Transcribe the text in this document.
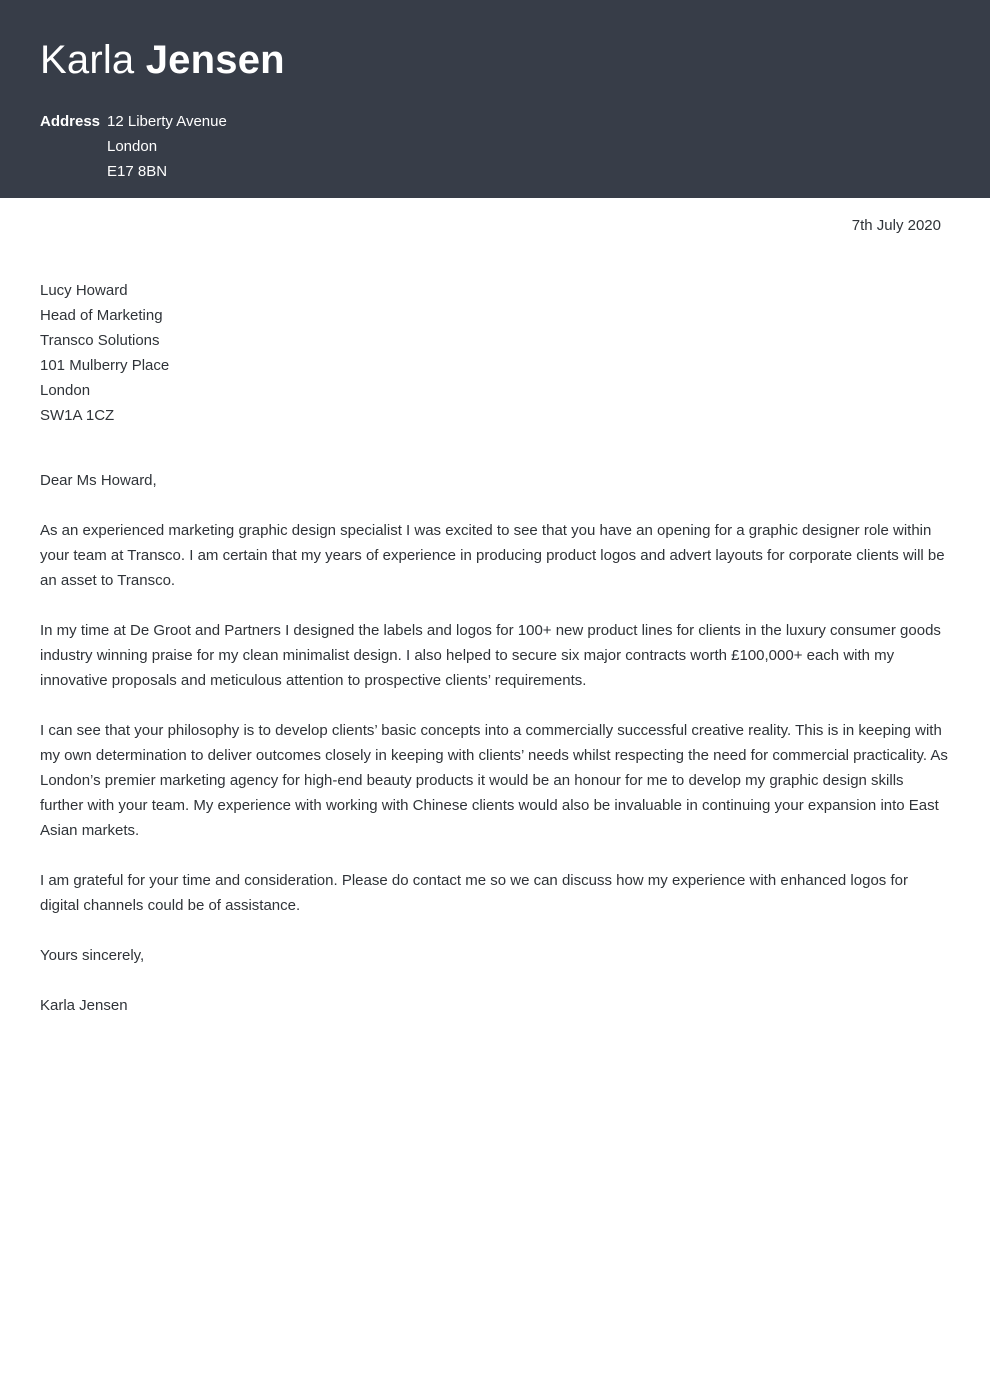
Karla Jensen
Address 12 Liberty Avenue
London
E17 8BN
7th July 2020
Lucy Howard
Head of Marketing
Transco Solutions
101 Mulberry Place
London
SW1A 1CZ
Dear Ms Howard,

As an experienced marketing graphic design specialist I was excited to see that you have an opening for a graphic designer role within your team at Transco. I am certain that my years of experience in producing product logos and advert layouts for corporate clients will be an asset to Transco.

In my time at De Groot and Partners I designed the labels and logos for 100+ new product lines for clients in the luxury consumer goods industry winning praise for my clean minimalist design. I also helped to secure six major contracts worth £100,000+ each with my innovative proposals and meticulous attention to prospective clients’ requirements.

I can see that your philosophy is to develop clients’ basic concepts into a commercially successful creative reality. This is in keeping with my own determination to deliver outcomes closely in keeping with clients’ needs whilst respecting the need for commercial practicality. As London’s premier marketing agency for high-end beauty products it would be an honour for me to develop my graphic design skills further with your team. My experience with working with Chinese clients would also be invaluable in continuing your expansion into East Asian markets.

I am grateful for your time and consideration. Please do contact me so we can discuss how my experience with enhanced logos for digital channels could be of assistance.

Yours sincerely,
Karla Jensen
